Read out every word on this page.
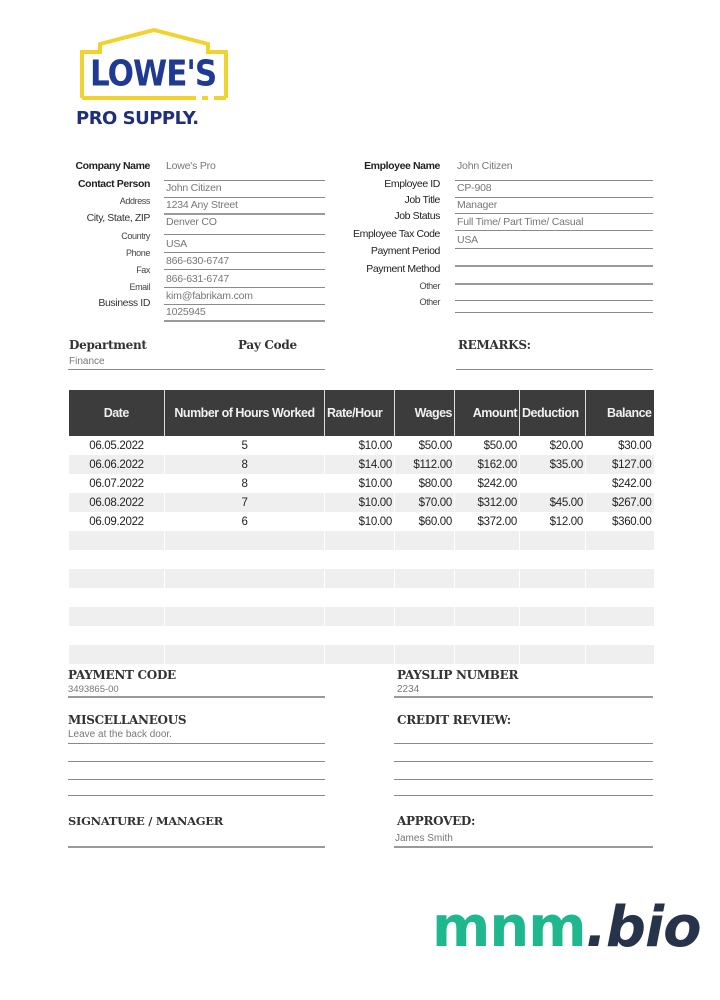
LOWE'S
PRO SUPPLY.
Company Name Lowe's Pro
Contact Person John Citizen
Address 1234 Any Street
City, State, ZIP Denver CO
Country
USA
Phone
866-630-6747
Fax
866-631-6747
Email
kim@fabrikam.com
Business ID
1025945
Employee Name John Citizen
Employee ID CP-908
Job Title Manager
Job Status Full Time/ Part Time/ Casual
Employee Tax Code USA
Payment Period
Payment Method
Other
Other
Department
Finance
Pay Code	REMARKS:
Date	Number of Hours Worked	Rate/Hour	Wages	Amount	Deduction	Balance
06.05.2022	5	$10.00	$50.00	$50.00	$20.00	$30.00
06.06.2022	8	$14.00	$112.00	$162.00	$35.00	$127.00
06.07.2022	8	$10.00	$80.00	$242.00		$242.00
06.08.2022	7	$10.00	$70.00	$312.00	$45.00	$267.00
06.09.2022	6	$10.00	$60.00	$372.00	$12.00	$360.00

PAYMENT CODE
3493865-00
PAYSLIP NUMBER
2234
MISCELLANEOUS
Leave at the back door.
CREDIT REVIEW:
SIGNATURE / MANAGER	APPROVED:
James Smith
mnm.bio
